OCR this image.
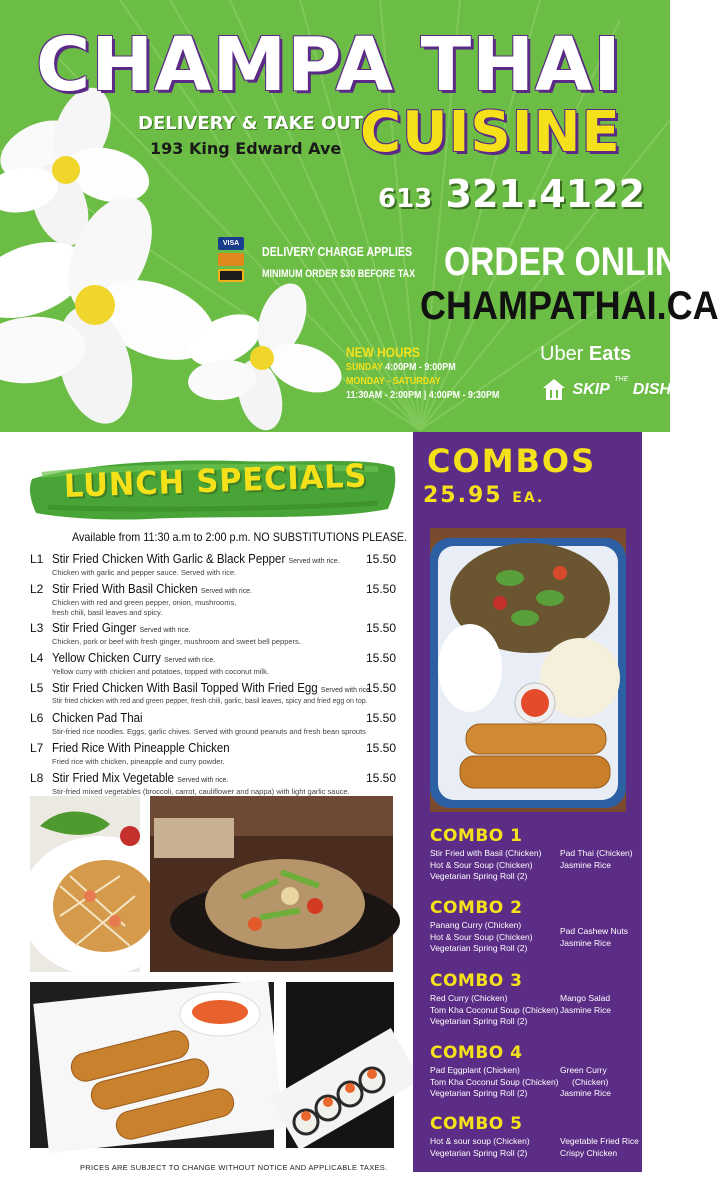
CHAMPA THAI
DELIVERY & TAKE OUT
CUISINE
193 King Edward Ave
613 321.4122
VISA
DELIVERY CHARGE APPLIES
MINIMUM ORDER $30 BEFORE TAX ORDER ONLINE
CHAMPATHAI.CA
NEW HOURS
SUNDAY 4:00PM - 9:00PM
MONDAY - SATURDAY
11:30AM - 2:00PM | 4:00PM - 9:30PM
Uber Eats
SKIP $^{THE}$ DISHES
LUNCH SPECIALS
Available from 11:30 a.m to 2:00 p.m. NO SUBSTITUTIONS PLEASE.
L1 Stir Fried Chicken With Garlic & Black Pepper Served with rice.
Chicken with garlic and pepper sauce. Served with rice.
15.50
L2 Stir Fried With Basil Chicken Served with rice.
Chicken with red and green pepper, onion, mushrooms, fresh chili, basil leaves and spicy.
15.50
L3 Stir Fried Ginger Served with rice.
Chicken, pork or beef with fresh ginger, mushroom and sweet bell peppers.
15.50
L4 Yellow Chicken Curry Served with rice.
Yellow curry with chicken and potatoes, topped with coconut milk.
15.50
L5 Stir Fried Chicken With Basil Topped With Fried Egg Served with rice.
Stir fried chicken with red and green pepper, fresh chili, garlic, basil leaves, spicy and fried egg on top.
15.50
L6 Chicken Pad Thai
Stir-fried rice noodles. Eggs, garlic chives. Served with ground peanuts and fresh bean sprouts
15.50
L7 Fried Rice With Pineapple Chicken
Fried rice with chicken, pineapple and curry powder.
15.50
L8 Stir Fried Mix Vegetable Served with rice.
Stir-fried mixed vegetables (broccoli, carrot, cauliflower and nappa) with light garlic sauce.
15.50
PRICES ARE SUBJECT TO CHANGE WITHOUT NOTICE AND APPLICABLE TAXES.
COMBOS
25.95 EA.
COMBO 1
Stir Fried with Basil (Chicken)
Hot & Sour Soup (Chicken)
Vegetarian Spring Roll (2)
Pad Thai (Chicken)
Jasmine Rice
COMBO 2
Panang Curry (Chicken)
Hot & Sour Soup (Chicken)
Vegetarian Spring Roll (2)
Pad Cashew Nuts
Jasmine Rice
COMBO 3
Red Curry (Chicken)
Tom Kha Coconut Soup (Chicken)
Vegetarian Spring Roll (2)
Mango Salad
Jasmine Rice
COMBO 4
Pad Eggplant (Chicken)
Tom Kha Coconut Soup (Chicken)
Vegetarian Spring Roll (2)
Green Curry
(Chicken)
Jasmine Rice
COMBO 5
Hot & sour soup (Chicken)
Vegetarian Spring Roll (2)
Vegetable Fried Rice
Crispy Chicken
